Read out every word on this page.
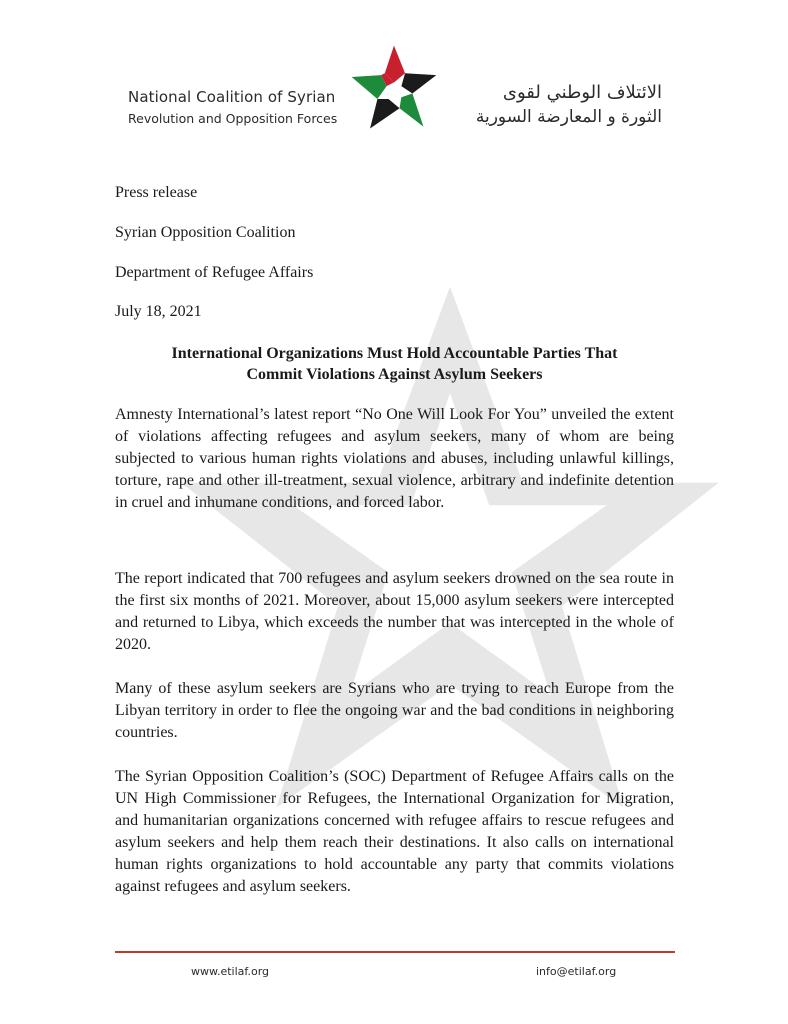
National Coalition of Syrian
Revolution and Opposition Forces
الائتلاف الوطني لقوى
الثورة و المعارضة السورية
Press release
Syrian Opposition Coalition
Department of Refugee Affairs
July 18, 2021
International Organizations Must Hold Accountable Parties That
Commit Violations Against Asylum Seekers

Amnesty International’s latest report “No One Will Look For You” unveiled the extent of violations affecting refugees and asylum seekers, many of whom are being subjected to various human rights violations and abuses, including unlawful killings, torture, rape and other ill-treatment, sexual violence, arbitrary and indefinite detention in cruel and inhumane conditions, and forced labor.

The report indicated that 700 refugees and asylum seekers drowned on the sea route in the first six months of 2021. Moreover, about 15,000 asylum seekers were intercepted and returned to Libya, which exceeds the number that was intercepted in the whole of 2020.

Many of these asylum seekers are Syrians who are trying to reach Europe from the Libyan territory in order to flee the ongoing war and the bad conditions in neighboring countries.

The Syrian Opposition Coalition’s (SOC) Department of Refugee Affairs calls on the UN High Commissioner for Refugees, the International Organization for Migration, and humanitarian organizations concerned with refugee affairs to rescue refugees and asylum seekers and help them reach their destinations. It also calls on international human rights organizations to hold accountable any party that commits violations against refugees and asylum seekers.

www.etilaf.org	info@etilaf.org
